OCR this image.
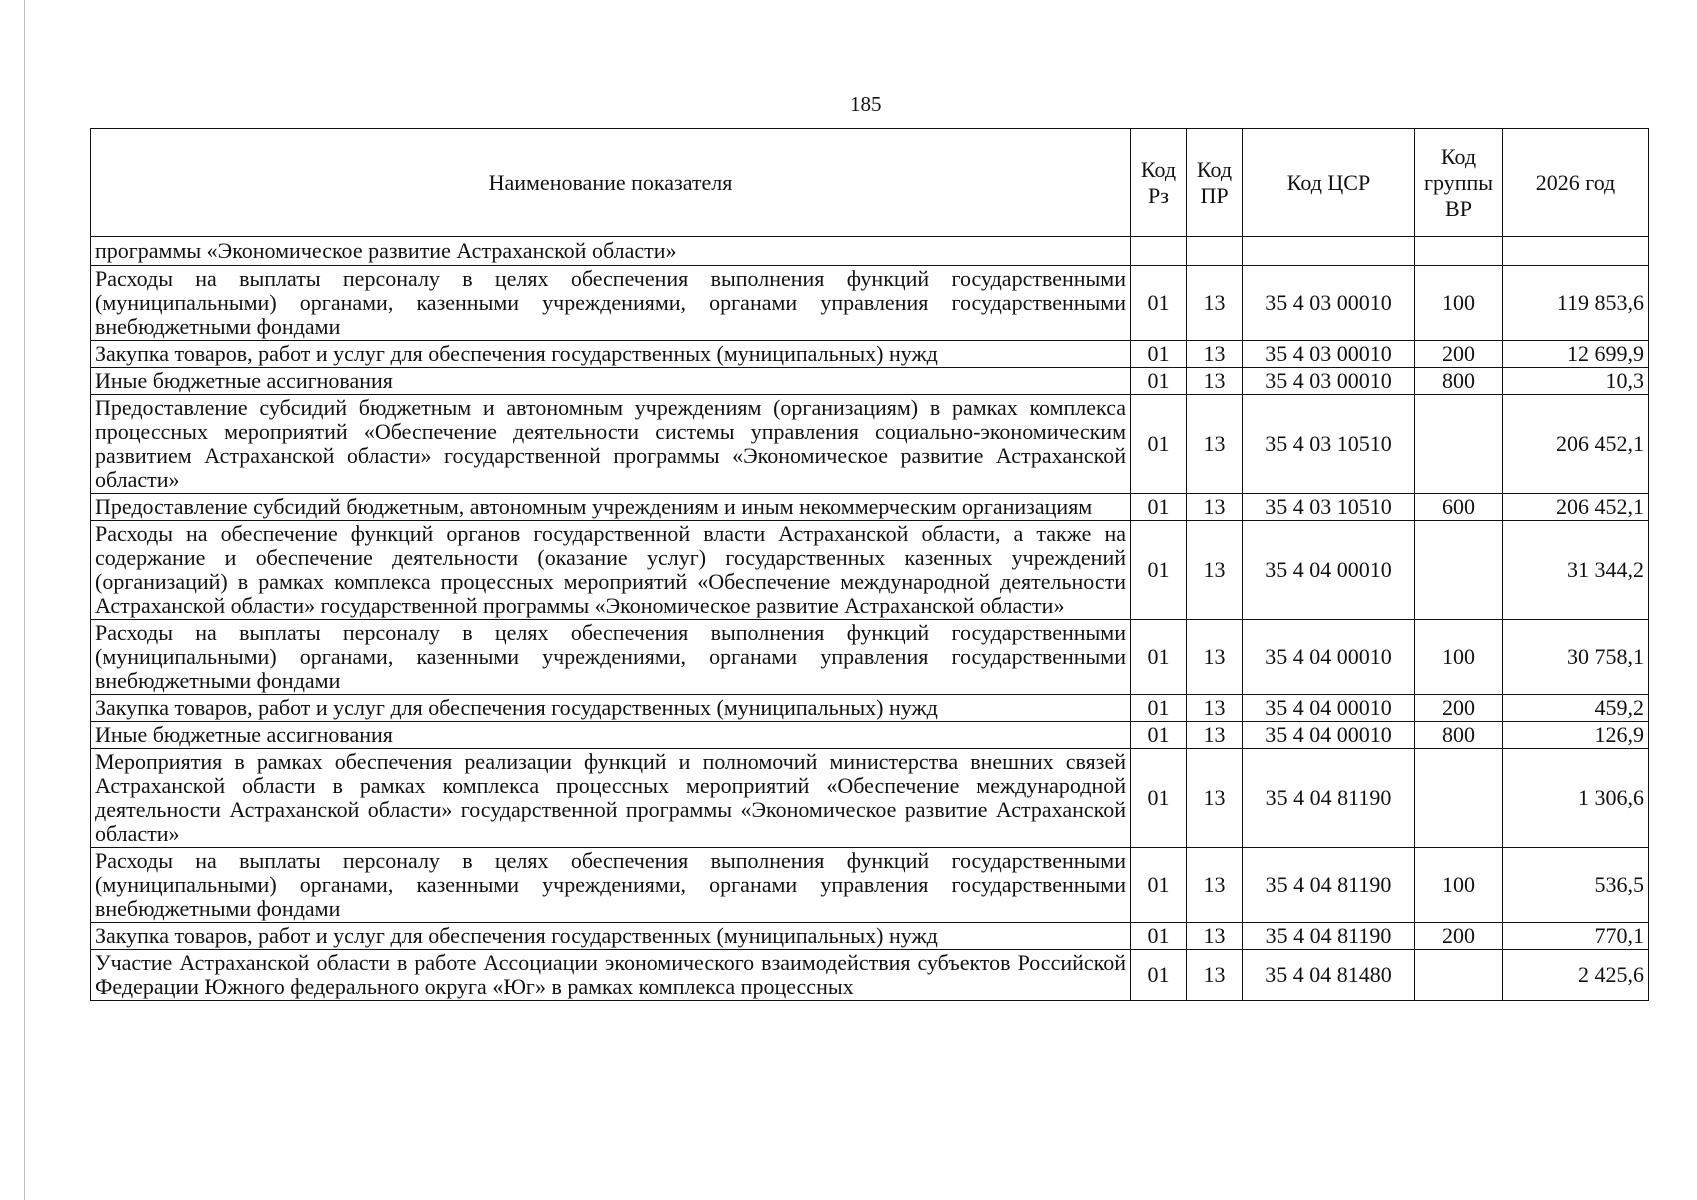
185
Наименование показателя	Код Рз	Код ПР	Код ЦСР	Код группы ВР	2026 год
программы «Экономическое развитие Астраханской области»					
Расходы на выплаты персоналу в целях обеспечения выполнения функций государственными (муниципальными) органами, казенными учреждениями, органами управления государственными внебюджетными фондами	01	13	35 4 03 00010	100	119 853,6
Закупка товаров, работ и услуг для обеспечения государственных (муниципальных) нужд	01	13	35 4 03 00010	200	12 699,9
Иные бюджетные ассигнования	01	13	35 4 03 00010	800	10,3
Предоставление субсидий бюджетным и автономным учреждениям (организациям) в рамках комплекса процессных мероприятий «Обеспечение деятельности системы управления социально-экономическим развитием Астраханской области» государственной программы «Экономическое развитие Астраханской области»	01	13	35 4 03 10510		206 452,1
Предоставление субсидий бюджетным, автономным учреждениям и иным некоммерческим организациям	01	13	35 4 03 10510	600	206 452,1
Расходы на обеспечение функций органов государственной власти Астраханской области, а также на содержание и обеспечение деятельности (оказание услуг) государственных казенных учреждений (организаций) в рамках комплекса процессных мероприятий «Обеспечение международной деятельности Астраханской области» государственной программы «Экономическое развитие Астраханской области»	01	13	35 4 04 00010		31 344,2
Расходы на выплаты персоналу в целях обеспечения выполнения функций государственными (муниципальными) органами, казенными учреждениями, органами управления государственными внебюджетными фондами	01	13	35 4 04 00010	100	30 758,1
Закупка товаров, работ и услуг для обеспечения государственных (муниципальных) нужд	01	13	35 4 04 00010	200	459,2
Иные бюджетные ассигнования	01	13	35 4 04 00010	800	126,9
Мероприятия в рамках обеспечения реализации функций и полномочий министерства внешних связей Астраханской области в рамках комплекса процессных мероприятий «Обеспечение международной деятельности Астраханской области» государственной программы «Экономическое развитие Астраханской области»	01	13	35 4 04 81190		1 306,6
Расходы на выплаты персоналу в целях обеспечения выполнения функций государственными (муниципальными) органами, казенными учреждениями, органами управления государственными внебюджетными фондами	01	13	35 4 04 81190	100	536,5
Закупка товаров, работ и услуг для обеспечения государственных (муниципальных) нужд	01	13	35 4 04 81190	200	770,1
Участие Астраханской области в работе Ассоциации экономического взаимодействия субъектов Российской Федерации Южного федерального округа «Юг» в рамках комплекса процессных	01	13	35 4 04 81480		2 425,6
